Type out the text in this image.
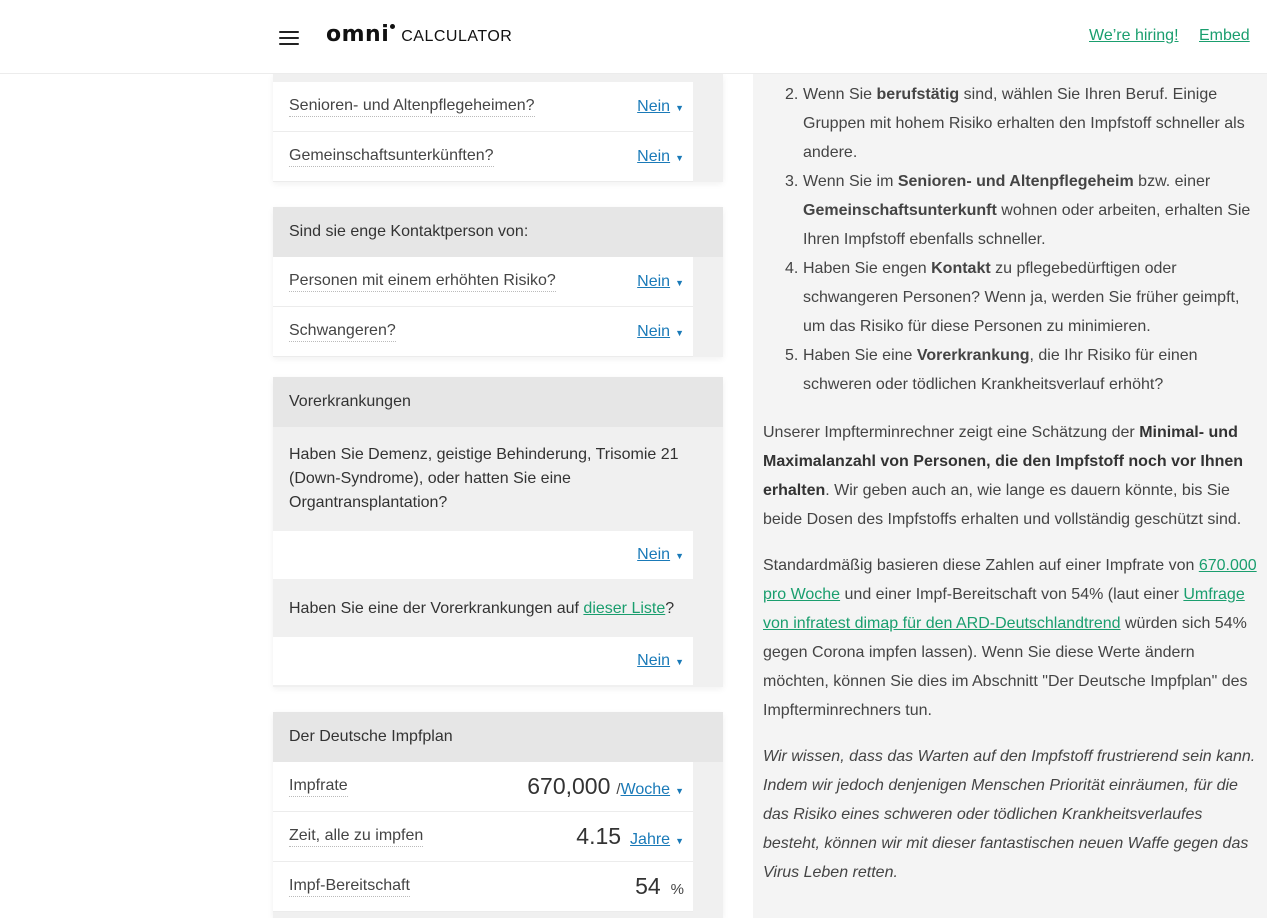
omni CALCULATOR	We’re hiring! Embed
Senioren- und Altenpflegeheimen?	Nein ▼
Gemeinschaftsunterkünften?	Nein ▼
Sind sie enge Kontaktperson von:
Personen mit einem erhöhten Risiko?	Nein ▼
Schwangeren?	Nein ▼
Vorerkrankungen
Haben Sie Demenz, geistige Behinderung, Trisomie 21 (Down-Syndrome), oder hatten Sie eine Organtransplantation?
Nein ▼
Haben Sie eine der Vorerkrankungen auf dieser Liste?
Nein ▼
Der Deutsche Impfplan
Impfrate	670,000 / Woche ▼
Zeit, alle zu impfen	4.15 Jahre ▼
Impf-Bereitschaft	54 %
2. Wenn Sie berufstätig sind, wählen Sie Ihren Beruf. Einige Gruppen mit hohem Risiko erhalten den Impfstoff schneller als andere.
3. Wenn Sie im Senioren- und Altenpflegeheim bzw. einer Gemeinschaftsunterkunft wohnen oder arbeiten, erhalten Sie Ihren Impfstoff ebenfalls schneller.
4. Haben Sie engen Kontakt zu pflegebedürftigen oder schwangeren Personen? Wenn ja, werden Sie früher geimpft, um das Risiko für diese Personen zu minimieren.
5. Haben Sie eine Vorerkrankung, die Ihr Risiko für einen schweren oder tödlichen Krankheitsverlauf erhöht?

Unserer Impfterminrechner zeigt eine Schätzung der Minimal- und Maximalanzahl von Personen, die den Impfstoff noch vor Ihnen erhalten. Wir geben auch an, wie lange es dauern könnte, bis Sie beide Dosen des Impfstoffs erhalten und vollständig geschützt sind.

Standardmäßig basieren diese Zahlen auf einer Impfrate von 670.000 pro Woche und einer Impf-Bereitschaft von 54% (laut einer Umfrage von infratest dimap für den ARD-Deutschlandtrend würden sich 54% gegen Corona impfen lassen). Wenn Sie diese Werte ändern möchten, können Sie dies im Abschnitt "Der Deutsche Impfplan" des Impfterminrechners tun.

Wir wissen, dass das Warten auf den Impfstoff frustrierend sein kann. Indem wir jedoch denjenigen Menschen Priorität einräumen, für die das Risiko eines schweren oder tödlichen Krankheitsverlaufes besteht, können wir mit dieser fantastischen neuen Waffe gegen das Virus Leben retten.
